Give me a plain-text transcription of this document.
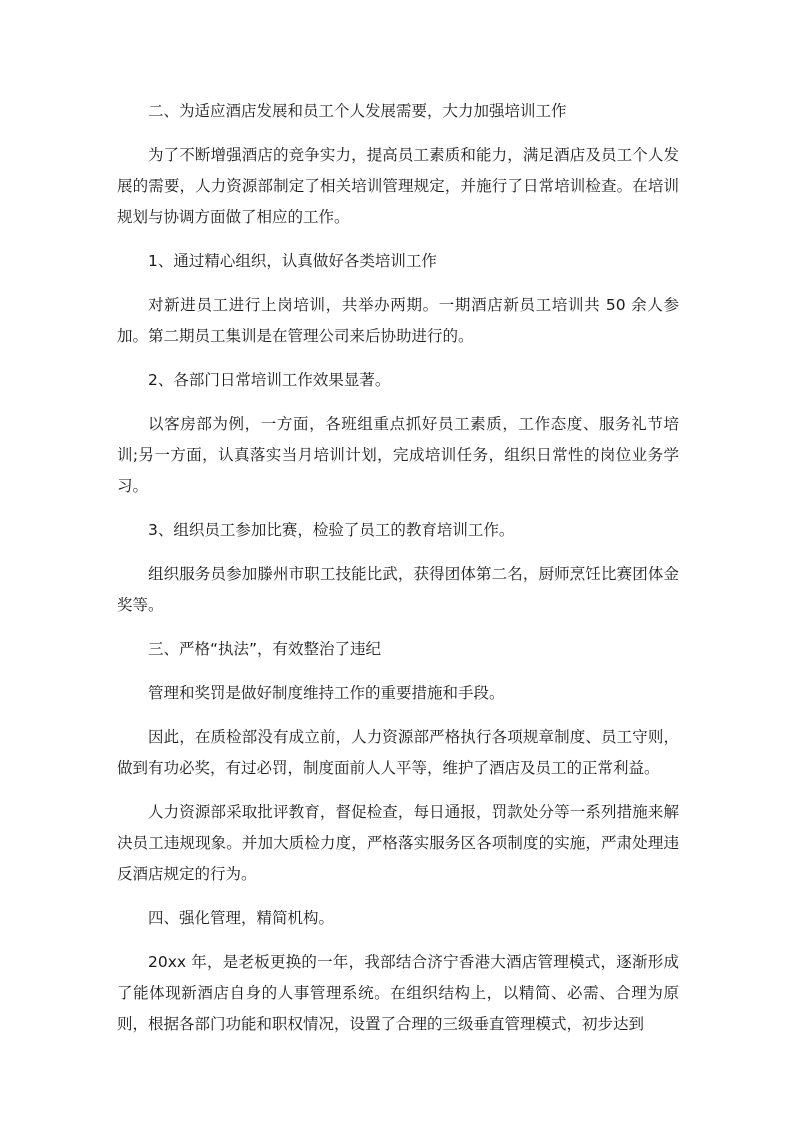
二、为适应酒店发展和员工个人发展需要，大力加强培训工作

为了不断增强酒店的竞争实力，提高员工素质和能力，满足酒店及员工个人发展的需要，人力资源部制定了相关培训管理规定，并施行了日常培训检查。在培训规划与协调方面做了相应的工作。

1、通过精心组织，认真做好各类培训工作

对新进员工进行上岗培训，共举办两期。一期酒店新员工培训共 50 余人参加。第二期员工集训是在管理公司来后协助进行的。

2、各部门日常培训工作效果显著。

以客房部为例，一方面，各班组重点抓好员工素质，工作态度、服务礼节培训;另一方面，认真落实当月培训计划，完成培训任务，组织日常性的岗位业务学习。

3、组织员工参加比赛，检验了员工的教育培训工作。

组织服务员参加滕州市职工技能比武，获得团体第二名，厨师烹饪比赛团体金奖等。

三、严格“执法”，有效整治了违纪

管理和奖罚是做好制度维持工作的重要措施和手段。

因此，在质检部没有成立前，人力资源部严格执行各项规章制度、员工守则，做到有功必奖，有过必罚，制度面前人人平等，维护了酒店及员工的正常利益。

人力资源部采取批评教育，督促检查，每日通报，罚款处分等一系列措施来解决员工违规现象。并加大质检力度，严格落实服务区各项制度的实施，严肃处理违反酒店规定的行为。

四、强化管理，精简机构。

20xx 年，是老板更换的一年，我部结合济宁香港大酒店管理模式，逐渐形成了能体现新酒店自身的人事管理系统。在组织结构上，以精简、必需、合理为原则，根据各部门功能和职权情况，设置了合理的三级垂直管理模式，初步达到
